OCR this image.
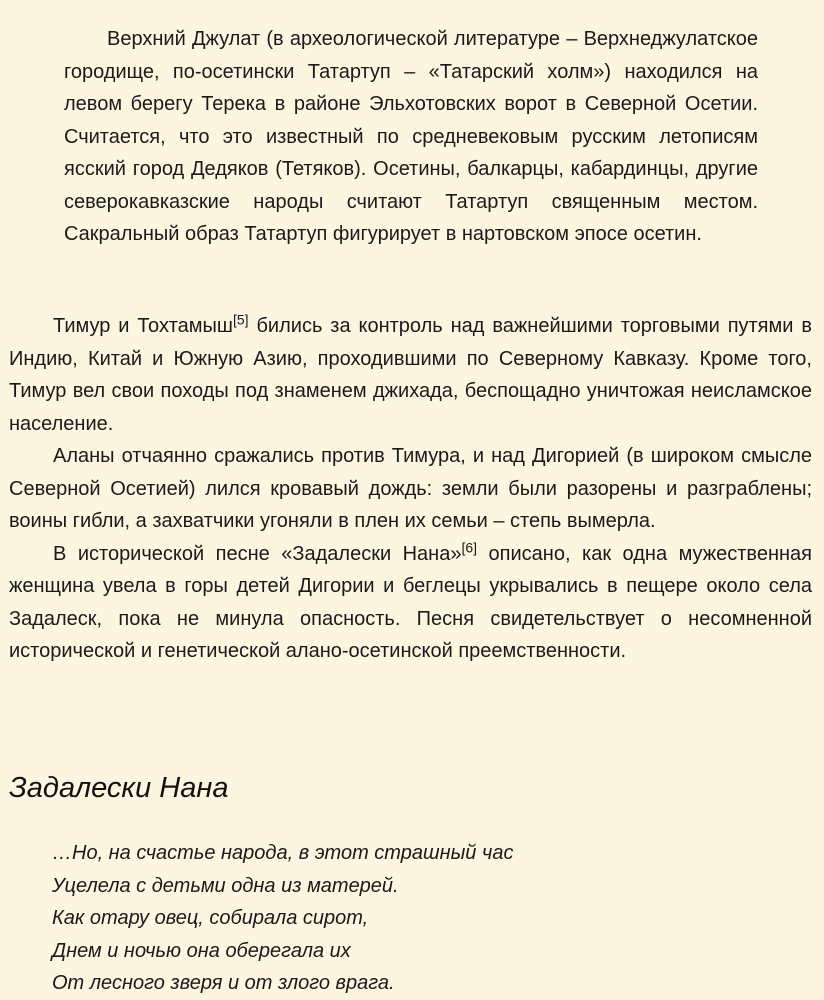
Верхний Джулат (в археологической литературе – Верхнеджулатское городище, по-осетински Татартуп – «Татарский холм») находился на левом берегу Терека в районе Эльхотовских ворот в Северной Осетии. Считается, что это известный по средневековым русским летописям ясский город Дедяков (Тетяков). Осетины, балкарцы, кабардинцы, другие северокавказские народы считают Татартуп священным местом. Сакральный образ Татартуп фигурирует в нартовском эпосе осетин.

Тимур и Тохтамыш[5] бились за контроль над важнейшими торговыми путями в Индию, Китай и Южную Азию, проходившими по Северному Кавказу. Кроме того, Тимур вел свои походы под знаменем джихада, беспощадно уничтожая неисламское население.

Аланы отчаянно сражались против Тимура, и над Дигорией (в широком смысле Северной Осетией) лился кровавый дождь: земли были разорены и разграблены; воины гибли, а захватчики угоняли в плен их семьи – степь вымерла.

В исторической песне «Задалески Нана»[6] описано, как одна мужественная женщина увела в горы детей Дигории и беглецы укрывались в пещере около села Задалеск, пока не минула опасность. Песня свидетельствует о несомненной исторической и генетической алано-осетинской преемственности.

Задалески Нана
…Но, на счастье народа, в этот страшный час
Уцелела с детьми одна из матерей.
Как отару овец, собирала сирот,
Днем и ночью она оберегала их
От лесного зверя и от злого врага.
